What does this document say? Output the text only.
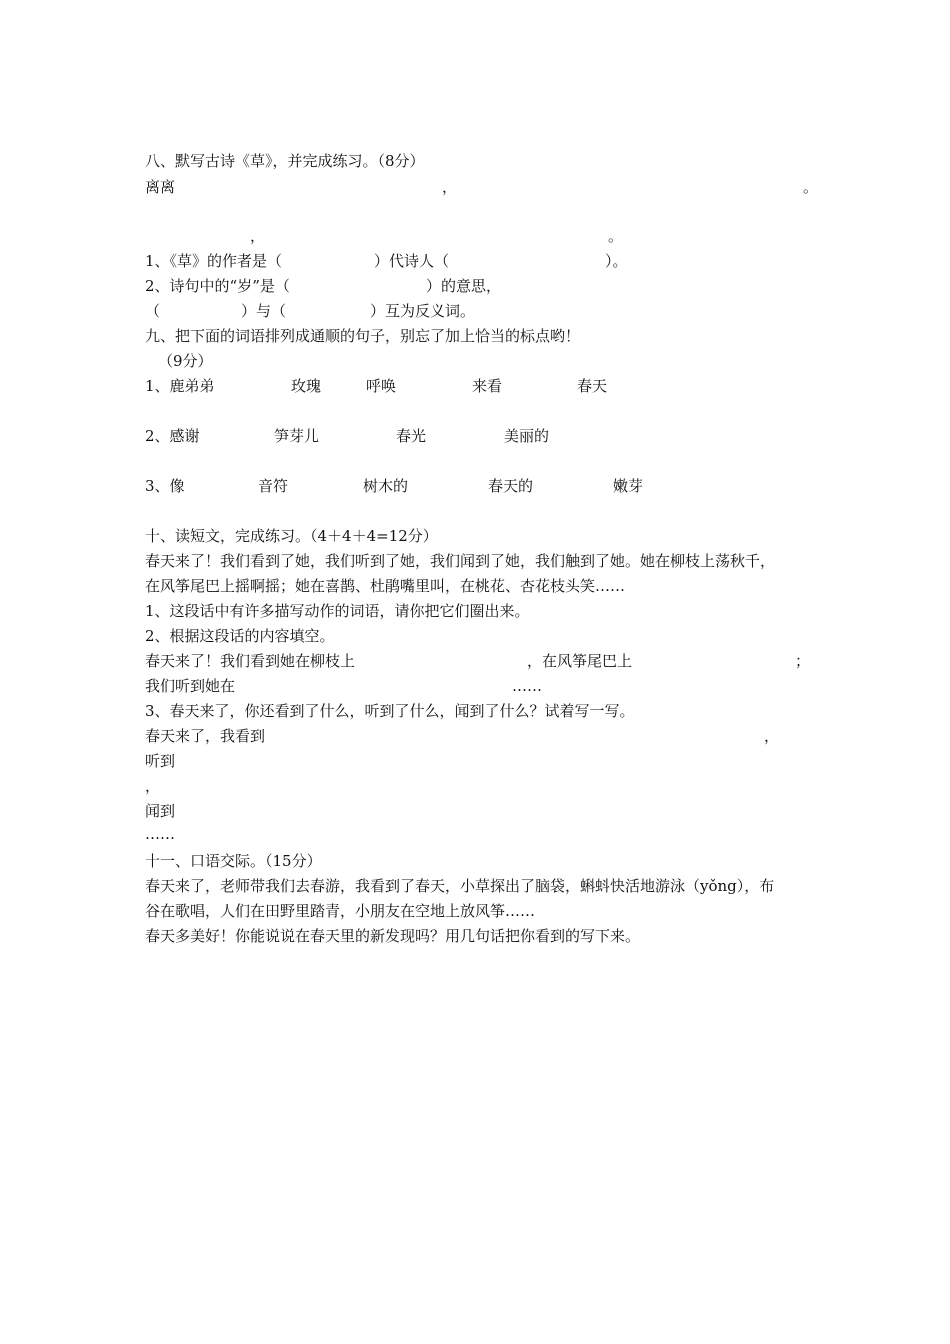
八、默写古诗《草》，并完成练习。（8分）
离离	，	。
，	。
1、《草》的作者是（	）代诗人（	）。
2、诗句中的“岁”是（	）的意思，
（	）与（	）互为反义词。
九、把下面的词语排列成通顺的句子，别忘了加上恰当的标点哟！
（9分）
1、鹿弟弟	玫瑰	呼唤	来看	春天
2、感谢	笋芽儿	春光	美丽的
3、像	音符	树木的	春天的	嫩芽
十、读短文，完成练习。（4＋4＋4=12分）
春天来了！我们看到了她，我们听到了她，我们闻到了她，我们触到了她。她在柳枝上荡秋千，
在风筝尾巴上摇啊摇；她在喜鹊、杜鹃嘴里叫，在桃花、杏花枝头笑……
1、这段话中有许多描写动作的词语，请你把它们圈出来。
2、根据这段话的内容填空。
春天来了！我们看到她在柳枝上	，在风筝尾巴上	；
我们听到她在	……
3、春天来了，你还看到了什么，听到了什么，闻到了什么？试着写一写。
春天来了，我看到	，
听到
，
闻到
……
十一、口语交际。（15分）
春天来了，老师带我们去春游，我看到了春天，小草探出了脑袋，蝌蚪快活地游泳（yǒng），布
谷在歌唱，人们在田野里踏青，小朋友在空地上放风筝……
春天多美好！你能说说在春天里的新发现吗？用几句话把你看到的写下来。
